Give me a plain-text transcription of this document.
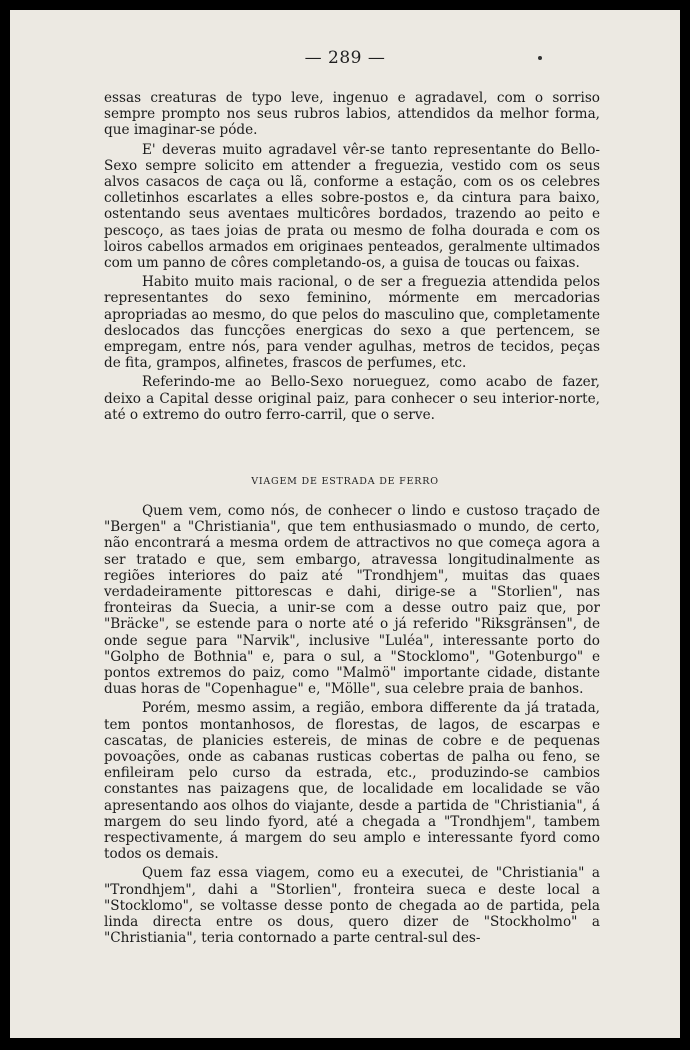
— 289 —

essas creaturas de typo leve, ingenuo e agradavel, com o sorriso sempre prompto nos seus rubros labios, attendidos da melhor forma, que imaginar-se póde.

E' deveras muito agradavel vêr-se tanto representante do Bello-Sexo sempre solicito em attender a freguezia, vestido com os seus alvos casacos de caça ou lã, conforme a estação, com os os celebres colletinhos escarlates a elles sobre-postos e, da cintura para baixo, ostentando seus aventaes multicôres bordados, trazendo ao peito e pescoço, as taes joias de prata ou mesmo de folha dourada e com os loiros cabellos armados em originaes penteados, geralmente ultimados com um panno de côres completando-os, a guisa de toucas ou faixas.

Habito muito mais racional, o de ser a freguezia attendida pelos representantes do sexo feminino, mórmente em mercadorias apropriadas ao mesmo, do que pelos do masculino que, completamente deslocados das funcções energicas do sexo a que pertencem, se empregam, entre nós, para vender agulhas, metros de tecidos, peças de fita, grampos, alfinetes, frascos de perfumes, etc.

Referindo-me ao Bello-Sexo norueguez, como acabo de fazer, deixo a Capital desse original paiz, para conhecer o seu interior-norte, até o extremo do outro ferro-carril, que o serve.

VIAGEM DE ESTRADA DE FERRO

Quem vem, como nós, de conhecer o lindo e custoso traçado de "Bergen" a "Christiania", que tem enthusiasmado o mundo, de certo, não encontrará a mesma ordem de attractivos no que começa agora a ser tratado e que, sem embargo, atravessa longitudinalmente as regiões interiores do paiz até "Trondhjem", muitas das quaes verdadeiramente pittorescas e dahi, dirige-se a "Storlien", nas fronteiras da Suecia, a unir-se com a desse outro paiz que, por "Bräcke", se estende para o norte até o já referido "Riksgränsen", de onde segue para "Narvik", inclusive "Luléa", interessante porto do "Golpho de Bothnia" e, para o sul, a "Stocklomo", "Gotenburgo" e pontos extremos do paiz, como "Malmö" importante cidade, distante duas horas de "Copenhague" e, "Mölle", sua celebre praia de banhos.

Porém, mesmo assim, a região, embora differente da já tratada, tem pontos montanhosos, de florestas, de lagos, de escarpas e cascatas, de planicies estereis, de minas de cobre e de pequenas povoações, onde as cabanas rusticas cobertas de palha ou feno, se enfileiram pelo curso da estrada, etc., produzindo-se cambios constantes nas paizagens que, de localidade em localidade se vão apresentando aos olhos do viajante, desde a partida de "Christiania", á margem do seu lindo fyord, até a chegada a "Trondhjem", tambem respectivamente, á margem do seu amplo e interessante fyord como todos os demais.

Quem faz essa viagem, como eu a executei, de "Christiania" a "Trondhjem", dahi a "Storlien", fronteira sueca e deste local a "Stocklomo", se voltasse desse ponto de chegada ao de partida, pela linda directa entre os dous, quero dizer de "Stockholmo" a "Christiania", teria contornado a parte central-sul des-
